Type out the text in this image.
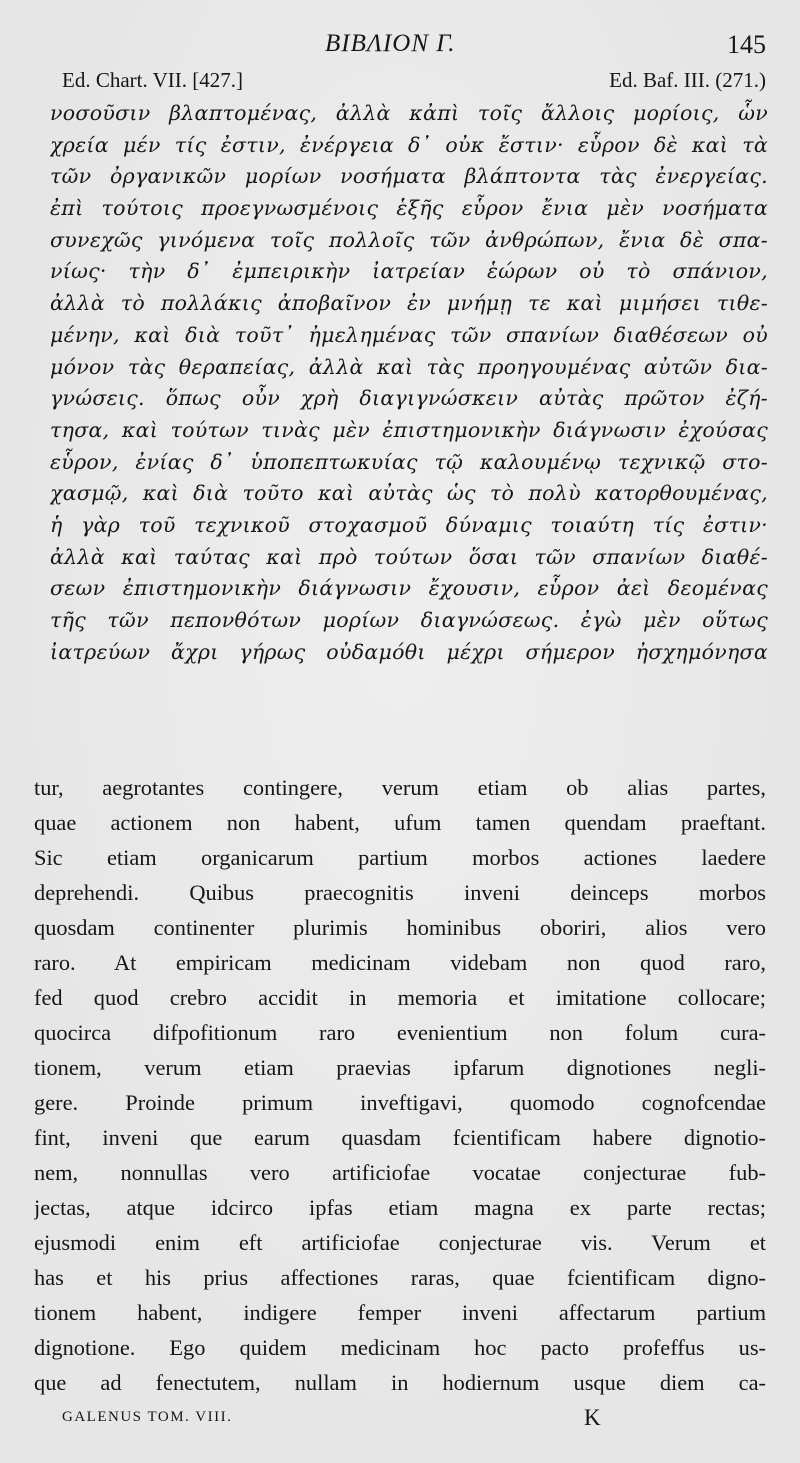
ΒΙΒΛΙΟΝ Γ.	145
Ed. Chart. VII. [427.]	Ed. Baf. III. (271.)
νοσοῦσιν βλαπτομένας, ἀλλὰ κἀπὶ τοῖς ἄλλοις μορίοις, ὧν
χρεία μέν τίς ἐστιν, ἐνέργεια δ᾽ οὐκ ἔστιν· εὗρον δὲ καὶ τὰ
τῶν ὀργανικῶν μορίων νοσήματα βλάπτοντα τὰς ἐνεργείας.
ἐπὶ τούτοις προεγνωσμένοις ἑξῆς εὗρον ἔνια μὲν νοσήματα
συνεχῶς γινόμενα τοῖς πολλοῖς τῶν ἀνθρώπων, ἔνια δὲ σπα-
νίως· τὴν δ᾽ ἐμπειρικὴν ἰατρείαν ἑώρων οὐ τὸ σπάνιον,
ἀλλὰ τὸ πολλάκις ἀποβαῖνον ἐν μνήμῃ τε καὶ μιμήσει τιθε-
μένην, καὶ διὰ τοῦτ᾽ ἠμελημένας τῶν σπανίων διαθέσεων οὐ
μόνον τὰς θεραπείας, ἀλλὰ καὶ τὰς προηγουμένας αὐτῶν δια-
γνώσεις. ὅπως οὖν χρὴ διαγιγνώσκειν αὐτὰς πρῶτον ἐζή-
τησα, καὶ τούτων τινὰς μὲν ἐπιστημονικὴν διάγνωσιν ἐχούσας
εὗρον, ἐνίας δ᾽ ὑποπεπτωκυίας τῷ καλουμένῳ τεχνικῷ στο-
χασμῷ, καὶ διὰ τοῦτο καὶ αὐτὰς ὡς τὸ πολὺ κατορθουμένας,
ἡ γὰρ τοῦ τεχνικοῦ στοχασμοῦ δύναμις τοιαύτη τίς ἐστιν·
ἀλλὰ καὶ ταύτας καὶ πρὸ τούτων ὅσαι τῶν σπανίων διαθέ-
σεων ἐπιστημονικὴν διάγνωσιν ἔχουσιν, εὗρον ἀεὶ δεομένας
τῆς τῶν πεπονθότων μορίων διαγνώσεως. ἐγὼ μὲν οὕτως
ἰατρεύων ἄχρι γήρως οὐδαμόθι μέχρι σήμερον ἠσχημόνησα
tur, aegrotantes contingere, verum etiam ob alias partes,
quae actionem non habent, ufum tamen quendam praeftant.
Sic etiam organicarum partium morbos actiones laedere
deprehendi. Quibus praecognitis inveni deinceps morbos
quosdam continenter plurimis hominibus oboriri, alios vero
raro. At empiricam medicinam videbam non quod raro,
fed quod crebro accidit in memoria et imitatione collocare;
quocirca difpofitionum raro evenientium non folum cura-
tionem, verum etiam praevias ipfarum dignotiones negli-
gere. Proinde primum inveftigavi, quomodo cognofcendae
fint, inveni que earum quasdam fcientificam habere dignotio-
nem, nonnullas vero artificiofae vocatae conjecturae fub-
jectas, atque idcirco ipfas etiam magna ex parte rectas;
ejusmodi enim eft artificiofae conjecturae vis. Verum et
has et his prius affectiones raras, quae fcientificam digno-
tionem habent, indigere femper inveni affectarum partium
dignotione. Ego quidem medicinam hoc pacto profeffus us-
que ad fenectutem, nullam in hodiernum usque diem ca-
GALENUS TOM. VIII.	K
